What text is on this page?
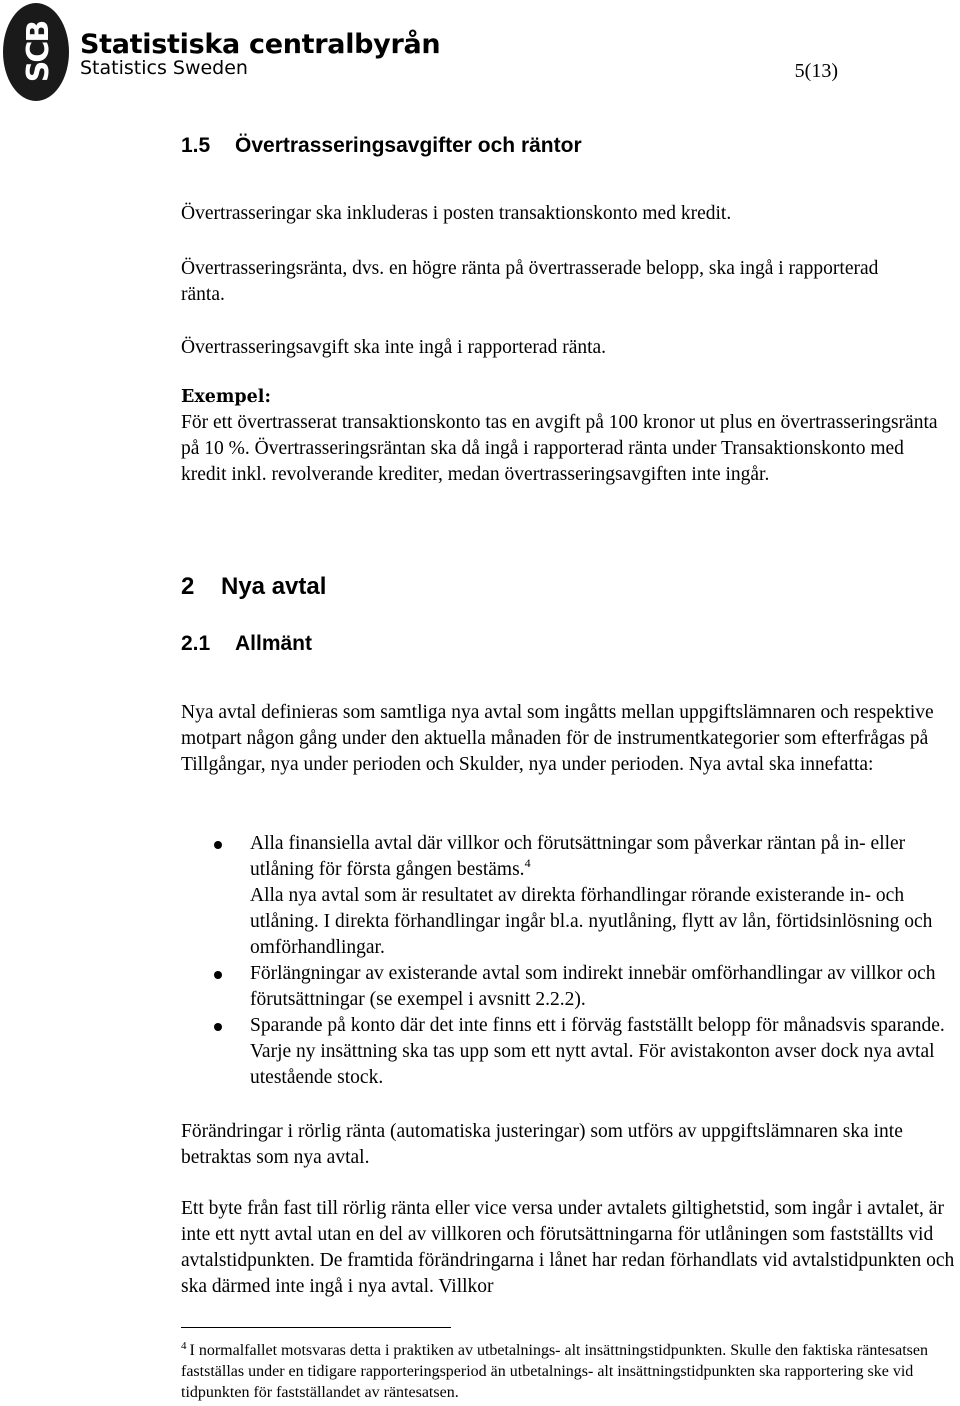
SCB Statistiska centralbyrån
Statistics Sweden	5(13)
1.5 Övertrasseringsavgifter och räntor

Övertrasseringar ska inkluderas i posten transaktionskonto med kredit.

Övertrasseringsränta, dvs. en högre ränta på övertrasserade belopp, ska ingå i rapporterad ränta.

Övertrasseringsavgift ska inte ingå i rapporterad ränta.

Exempel:
För ett övertrasserat transaktionskonto tas en avgift på 100 kronor ut plus en övertrasseringsränta på 10 %. Övertrasseringsräntan ska då ingå i rapporterad ränta under Transaktionskonto med kredit inkl. revolverande krediter, medan övertrasseringsavgiften inte ingår.
2 Nya avtal
2.1 Allmänt

Nya avtal definieras som samtliga nya avtal som ingåtts mellan uppgiftslämnaren och respektive motpart någon gång under den aktuella månaden för de instrumentkategorier som efterfrågas på Tillgångar, nya under perioden och Skulder, nya under perioden. Nya avtal ska innefatta:

Alla finansiella avtal där villkor och förutsättningar som påverkar räntan på in- eller utlåning för första gången bestäms.$^4$
Alla nya avtal som är resultatet av direkta förhandlingar rörande existerande in- och utlåning. I direkta förhandlingar ingår bl.a. nyutlåning, flytt av lån, förtidsinlösning och omförhandlingar.
Förlängningar av existerande avtal som indirekt innebär omförhandlingar av villkor och förutsättningar (se exempel i avsnitt 2.2.2).
Sparande på konto där det inte finns ett i förväg fastställt belopp för månadsvis sparande. Varje ny insättning ska tas upp som ett nytt avtal. För avistakonton avser dock nya avtal utestående stock.

Förändringar i rörlig ränta (automatiska justeringar) som utförs av uppgiftslämnaren ska inte betraktas som nya avtal.

Ett byte från fast till rörlig ränta eller vice versa under avtalets giltighetstid, som ingår i avtalet, är inte ett nytt avtal utan en del av villkoren och förutsättningarna för utlåningen som fastställts vid avtalstidpunkten. De framtida förändringarna i lånet har redan förhandlats vid avtalstidpunkten och ska därmed inte ingå i nya avtal. Villkor

$^4$ I normalfallet motsvaras detta i praktiken av utbetalnings- alt insättningstidpunkten. Skulle den faktiska räntesatsen fastställas under en tidigare rapporteringsperiod än utbetalnings- alt insättningstidpunkten ska rapportering ske vid tidpunkten för fastställandet av räntesatsen.
